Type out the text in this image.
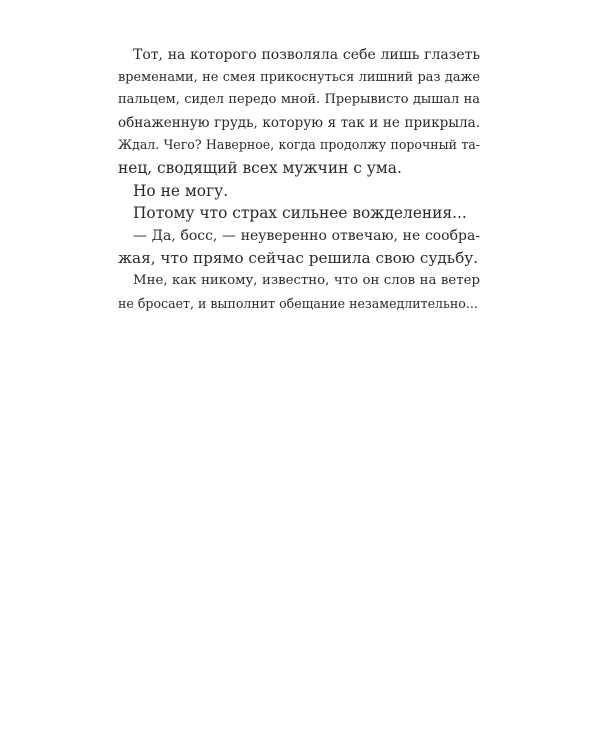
Тот, на которого позволяла себе лишь глазеть
временами, не смея прикоснуться лишний раз даже
пальцем, сидел передо мной. Прерывисто дышал на
обнаженную грудь, которую я так и не прикрыла.
Ждал. Чего? Наверное, когда продолжу порочный та-
нец, сводящий всех мужчин с ума.
Но не могу.
Потому что страх сильнее вожделения...
— Да, босс, — неуверенно отвечаю, не сообра-
жая, что прямо сейчас решила свою судьбу.
Мне, как никому, известно, что он слов на ветер
не бросает, и выполнит обещание незамедлительно...
